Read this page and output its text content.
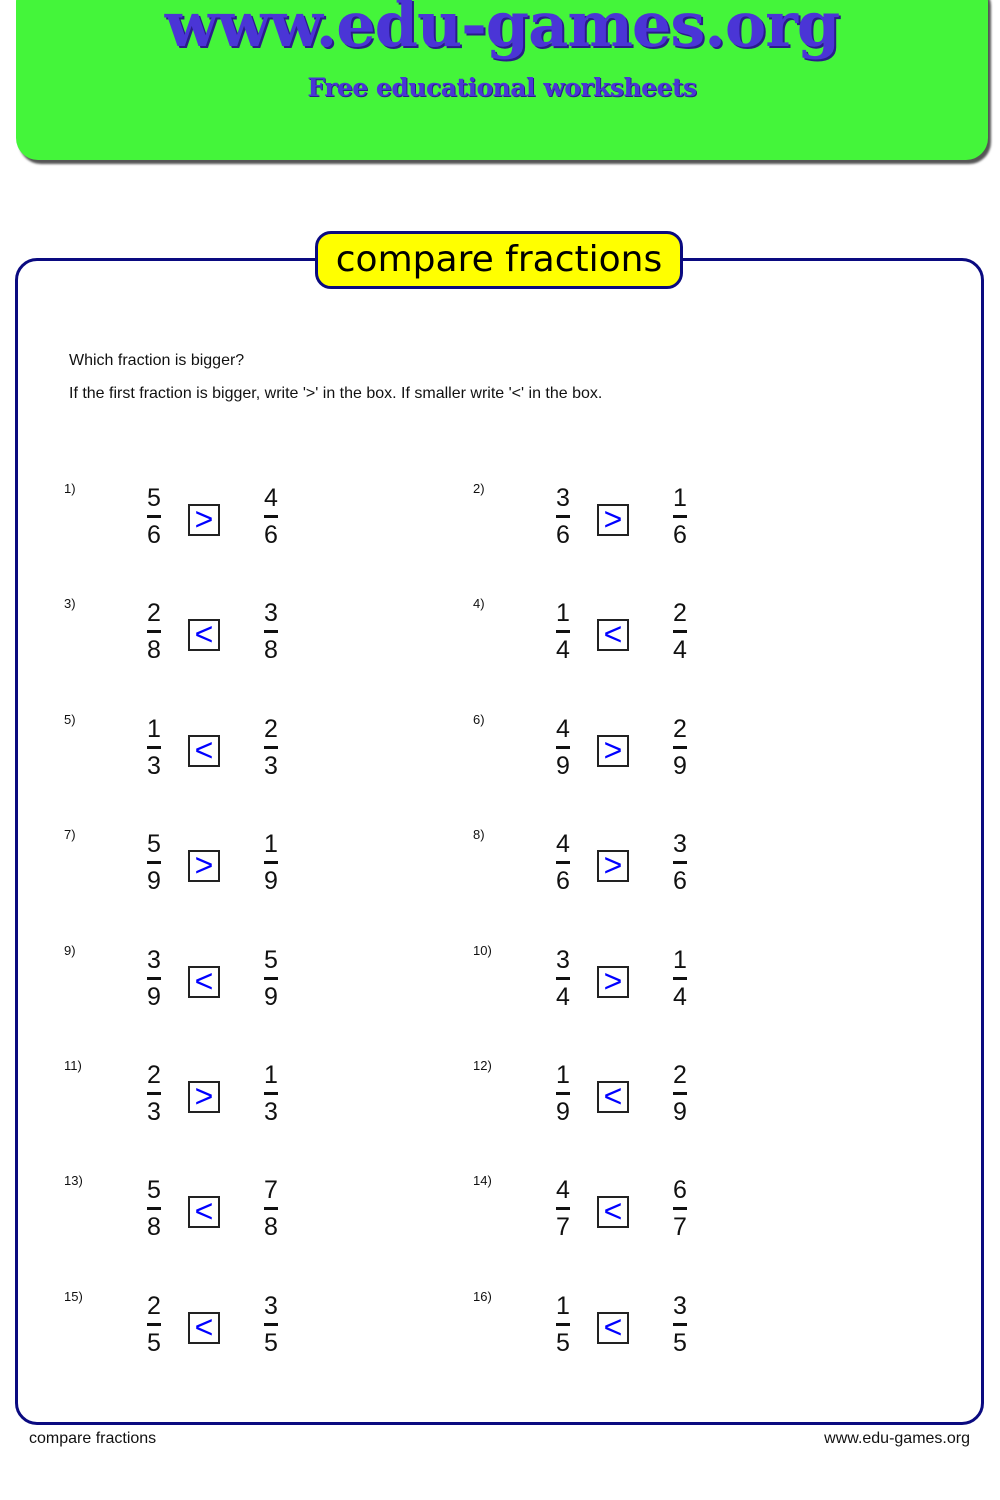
www.edu-games.org
Free educational worksheets
compare fractions
Which fraction is bigger?
If the first fraction is bigger, write '>' in the box. If smaller write '<' in the box.
1)	5
6 >
4
6
2)	3
6 >
1
6
3)	2
8 <
3
8
4)	1
4 <
2
4
5)	1
3 <
2
3
6)	4
9 >
2
9
7)	5
9 >
1
9
8)	4
6 >
3
6
9)	3
9 <
5
9
10)	3
4 >
1
4
11)	2
3 >
1
3
12)	1
9 <
2
9
13)	5
8 <
7
8
14)	4
7 <
6
7
15)	2
5 <
3
5
16)	1
5 <
3
5
compare fractions	www.edu-games.org
